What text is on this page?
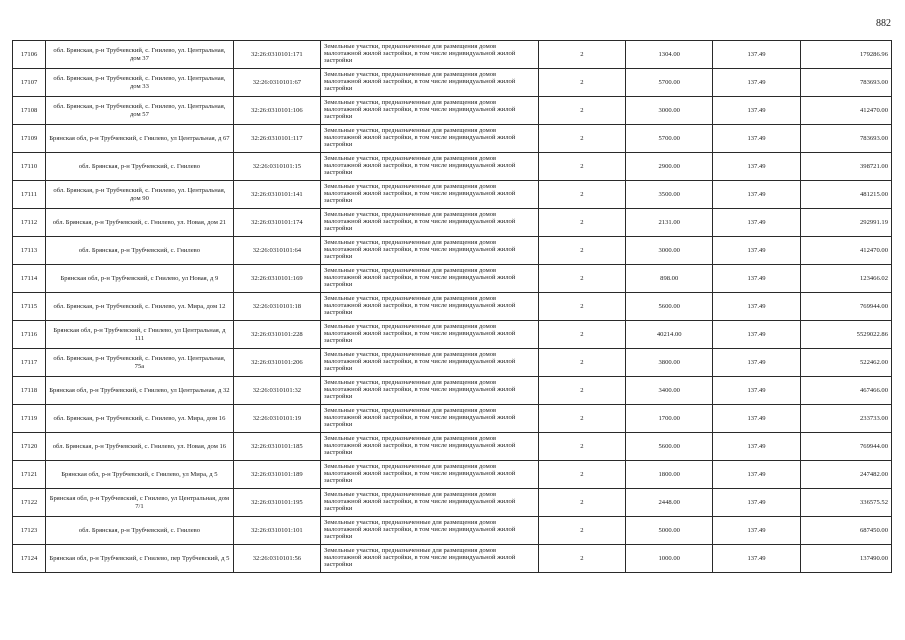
882
17106	обл. Брянская, р-н Трубчевский, с. Гнилево, ул. Центральная, дом 37	32:26:0310101:171	Земельные участки, предназначенные для размещения домов малоэтажной жилой застройки, в том числе индивидуальной жилой застройки	2	1304.00	137.49	179286.96
17107	обл. Брянская, р-н Трубчевский, с. Гнилево, ул. Центральная, дом 33	32:26:0310101:67	Земельные участки, предназначенные для размещения домов малоэтажной жилой застройки, в том числе индивидуальной жилой застройки	2	5700.00	137.49	783693.00
17108	обл. Брянская, р-н Трубчевский, с. Гнилево, ул. Центральная, дом 57	32:26:0310101:106	Земельные участки, предназначенные для размещения домов малоэтажной жилой застройки, в том числе индивидуальной жилой застройки	2	3000.00	137.49	412470.00
17109	Брянская обл, р-н Трубчевский, с Гнилево, ул Центральная, д 67	32:26:0310101:117	Земельные участки, предназначенные для размещения домов малоэтажной жилой застройки, в том числе индивидуальной жилой застройки	2	5700.00	137.49	783693.00
17110	обл. Брянская, р-н Трубчевский, с. Гнилево	32:26:0310101:15	Земельные участки, предназначенные для размещения домов малоэтажной жилой застройки, в том числе индивидуальной жилой застройки	2	2900.00	137.49	398721.00
17111	обл. Брянская, р-н Трубчевский, с. Гнилево, ул. Центральная, дом 90	32:26:0310101:141	Земельные участки, предназначенные для размещения домов малоэтажной жилой застройки, в том числе индивидуальной жилой застройки	2	3500.00	137.49	481215.00
17112	обл. Брянская, р-н Трубчевский, с. Гнилево, ул. Новая, дом 21	32:26:0310101:174	Земельные участки, предназначенные для размещения домов малоэтажной жилой застройки, в том числе индивидуальной жилой застройки	2	2131.00	137.49	292991.19
17113	обл. Брянская, р-н Трубчевский, с. Гнилево	32:26:0310101:64	Земельные участки, предназначенные для размещения домов малоэтажной жилой застройки, в том числе индивидуальной жилой застройки	2	3000.00	137.49	412470.00
17114	Брянская обл, р-н Трубчевский, с Гнилево, ул Новая, д 9	32:26:0310101:169	Земельные участки, предназначенные для размещения домов малоэтажной жилой застройки, в том числе индивидуальной жилой застройки	2	898.00	137.49	123466.02
17115	обл. Брянская, р-н Трубчевский, с. Гнилево, ул. Мира, дом 12	32:26:0310101:18	Земельные участки, предназначенные для размещения домов малоэтажной жилой застройки, в том числе индивидуальной жилой застройки	2	5600.00	137.49	769944.00
17116	Брянская обл, р-н Трубчевский, с Гнилево, ул Центральная, д 111	32:26:0310101:228	Земельные участки, предназначенные для размещения домов малоэтажной жилой застройки, в том числе индивидуальной жилой застройки	2	40214.00	137.49	5529022.86
17117	обл. Брянская, р-н Трубчевский, с. Гнилево, ул. Центральная, 75а	32:26:0310101:206	Земельные участки, предназначенные для размещения домов малоэтажной жилой застройки, в том числе индивидуальной жилой застройки	2	3800.00	137.49	522462.00
17118	Брянская обл, р-н Трубчевский, с Гнилево, ул Центральная, д 32	32:26:0310101:32	Земельные участки, предназначенные для размещения домов малоэтажной жилой застройки, в том числе индивидуальной жилой застройки	2	3400.00	137.49	467466.00
17119	обл. Брянская, р-н Трубчевский, с. Гнилево, ул. Мира, дом 16	32:26:0310101:19	Земельные участки, предназначенные для размещения домов малоэтажной жилой застройки, в том числе индивидуальной жилой застройки	2	1700.00	137.49	233733.00
17120	обл. Брянская, р-н Трубчевский, с. Гнилево, ул. Новая, дом 16	32:26:0310101:185	Земельные участки, предназначенные для размещения домов малоэтажной жилой застройки, в том числе индивидуальной жилой застройки	2	5600.00	137.49	769944.00
17121	Брянская обл, р-н Трубчевский, с Гнилево, ул Мира, д 5	32:26:0310101:189	Земельные участки, предназначенные для размещения домов малоэтажной жилой застройки, в том числе индивидуальной жилой застройки	2	1800.00	137.49	247482.00
17122	Брянская обл, р-н Трубчевский, с Гнилево, ул Центральная, дом 7/1	32:26:0310101:195	Земельные участки, предназначенные для размещения домов малоэтажной жилой застройки, в том числе индивидуальной жилой застройки	2	2448.00	137.49	336575.52
17123	обл. Брянская, р-н Трубчевский, с. Гнилево	32:26:0310101:101	Земельные участки, предназначенные для размещения домов малоэтажной жилой застройки, в том числе индивидуальной жилой застройки	2	5000.00	137.49	687450.00
17124	Брянская обл, р-н Трубчевский, с Гнилево, пер Трубчевский, д 5	32:26:0310101:56	Земельные участки, предназначенные для размещения домов малоэтажной жилой застройки, в том числе индивидуальной жилой застройки	2	1000.00	137.49	137490.00
